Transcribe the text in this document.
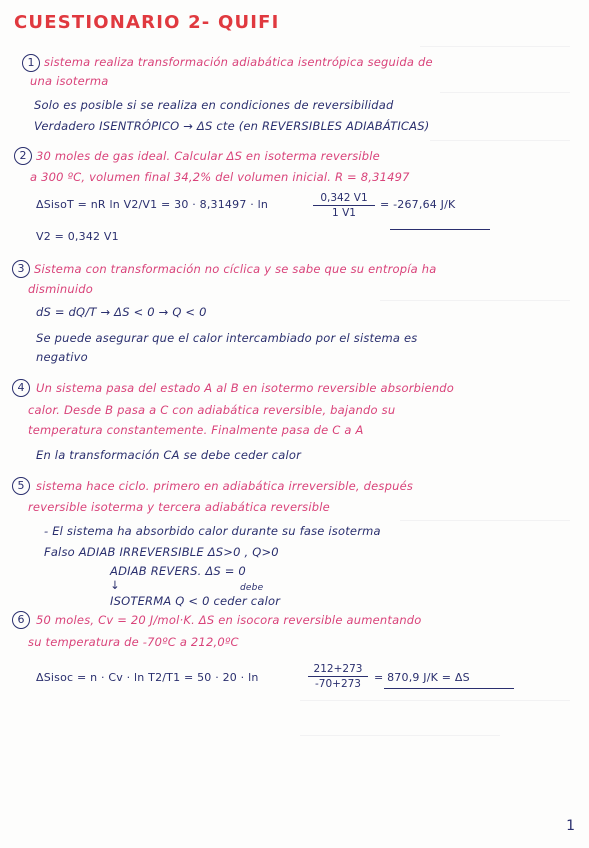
CUESTIONARIO 2- QUIFI
1 sistema realiza transformación adiabática isentrópica seguida de
una isoterma
Solo es posible si se realiza en condiciones de reversibilidad
Verdadero ISENTRÓPICO → ΔS cte (en REVERSIBLES ADIABÁTICAS)
2 30 moles de gas ideal. Calcular ΔS en isoterma reversible
a 300 ºC, volumen final 34,2% del volumen inicial. R = 8,31497
ΔSisoT = nR ln V2/V1 = 30 · 8,31497 · ln	0,342 V1
1 V1
= -267,64 J/K
V2 = 0,342 V1
3 Sistema con transformación no cíclica y se sabe que su entropía ha
disminuido
dS = dQ/T → ΔS < 0 → Q < 0
Se puede asegurar que el calor intercambiado por el sistema es
negativo
4	Un sistema pasa del estado A al B en isotermo reversible absorbiendo
calor. Desde B pasa a C con adiabática reversible, bajando su
temperatura constantemente. Finalmente pasa de C a A
En la transformación CA se debe ceder calor
5	sistema hace ciclo. primero en adiabática irreversible, después
reversible isoterma y tercera adiabática reversible
- El sistema ha absorbido calor durante su fase isoterma
Falso ADIAB IRREVERSIBLE ΔS>0 , Q>0
ADIAB REVERS. ΔS = 0
↓	debe
ISOTERMA Q < 0 ceder calor
6	50 moles, Cv = 20 J/mol·K. ΔS en isocora reversible aumentando
su temperatura de -70ºC a 212,0ºC
ΔSisoc = n · Cv · ln T2/T1 = 50 · 20 · ln
212+273
-70+273	= 870,9 J/K = ΔS
1
